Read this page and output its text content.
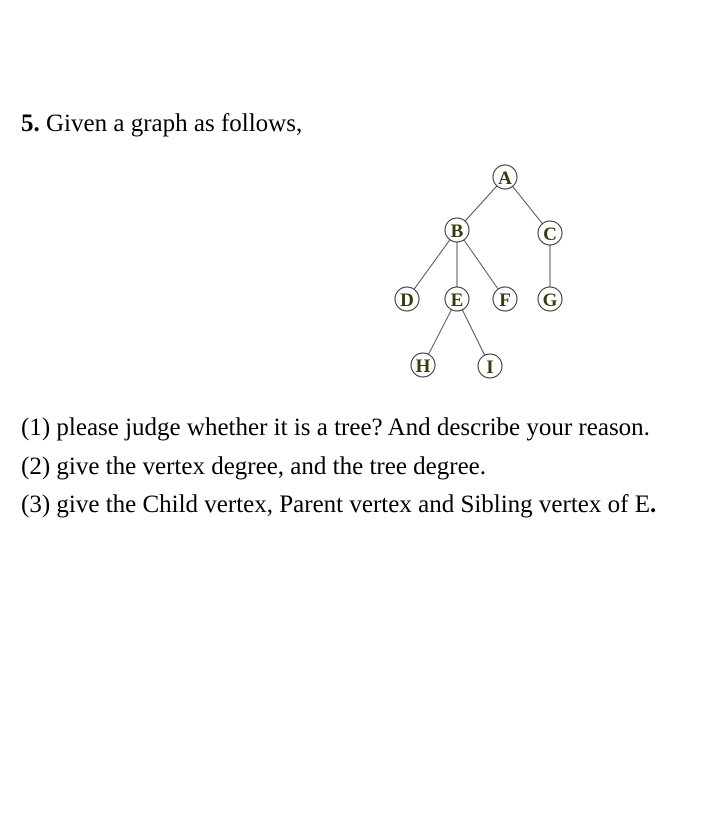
5. Given a graph as follows,
A
B	C
D E F G
H	I
(1) please judge whether it is a tree? And describe your reason.
(2) give the vertex degree, and the tree degree.
(3) give the Child vertex, Parent vertex and Sibling vertex of E.
